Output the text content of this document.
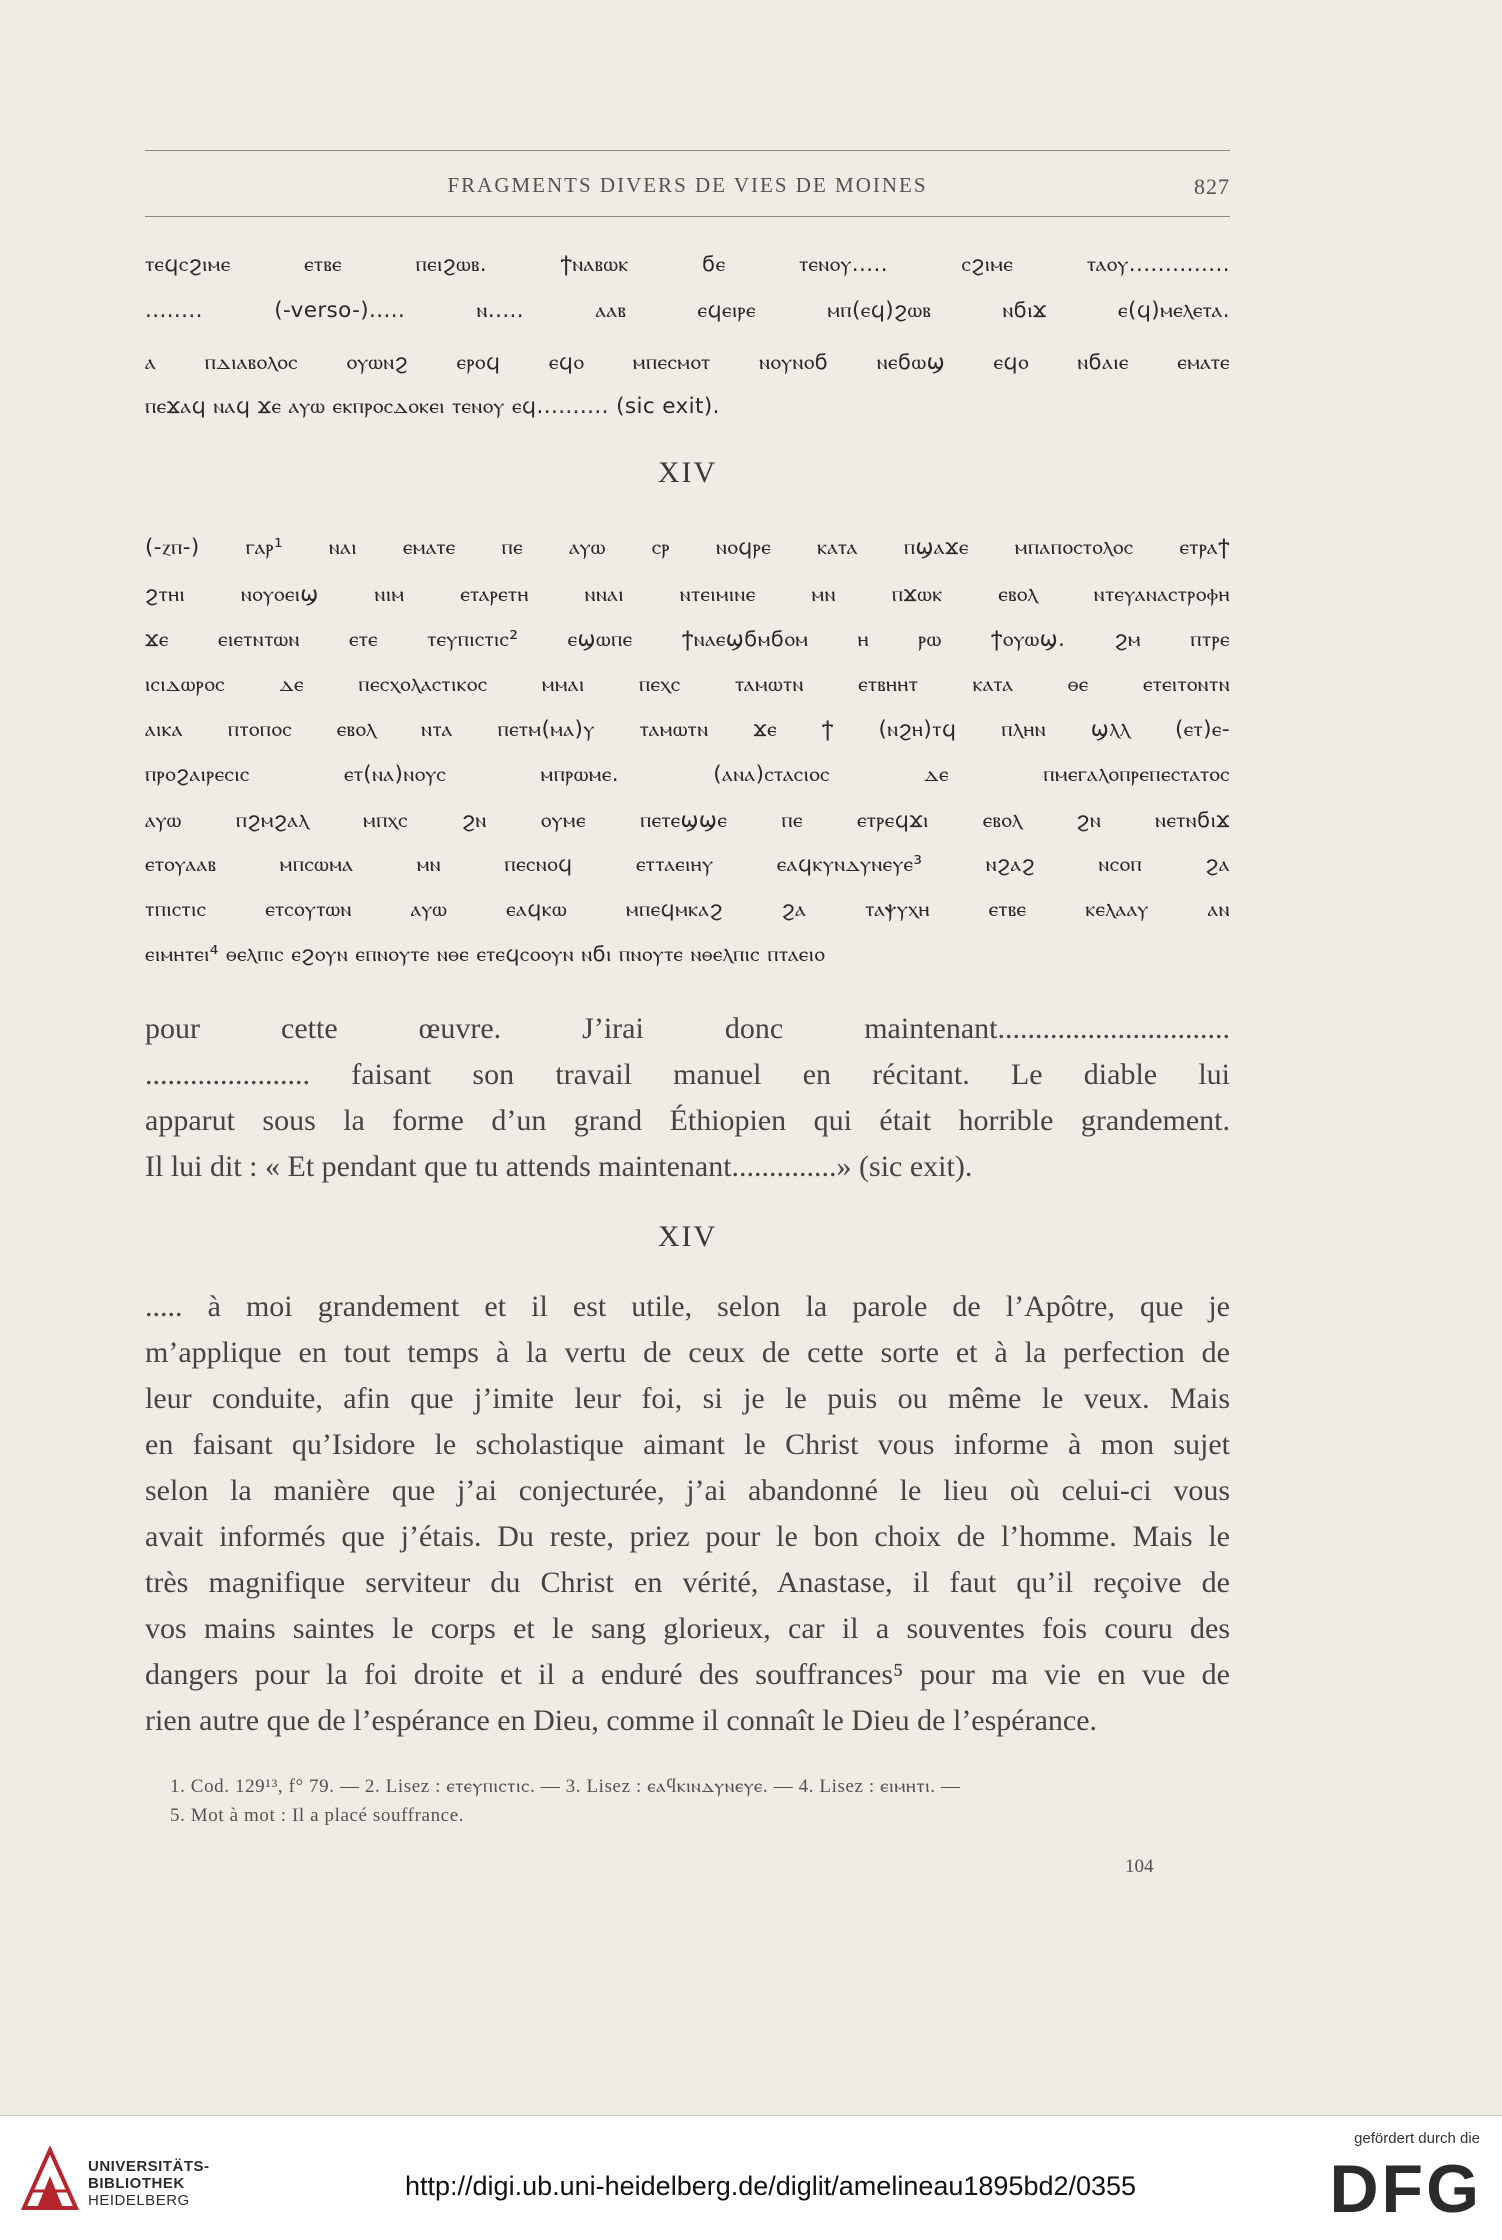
FRAGMENTS DIVERS DE VIES DE MOINES	827
ⲧⲉϥⲥϩⲓⲙⲉ ⲉⲧⲃⲉ ⲡⲉⲓϩⲱⲃ. ϯⲛⲁⲃⲱⲕ ϭⲉ ⲧⲉⲛⲟⲩ..... ⲥϩⲓⲙⲉ ⲧⲁⲟⲩ..............
........ (-verso-)..... ⲛ..... ⲁⲁⲃ ⲉϥⲉⲓⲣⲉ ⲙⲡ(ⲉϥ)ϩⲱⲃ ⲛϭⲓϫ ⲉ(ϥ)ⲙⲉⲗⲉⲧⲁ.
ⲁ ⲡⲇⲓⲁⲃⲟⲗⲟⲥ ⲟⲩⲱⲛϩ ⲉⲣⲟϥ ⲉϥⲟ ⲙⲡⲉⲥⲙⲟⲧ ⲛⲟⲩⲛⲟϭ ⲛⲉϭⲱϣ ⲉϥⲟ ⲛϭⲁⲓⲉ ⲉⲙⲁⲧⲉ
ⲡⲉϫⲁϥ ⲛⲁϥ ϫⲉ ⲁⲩⲱ ⲉⲕⲡⲣⲟⲥⲇⲟⲕⲉⲓ ⲧⲉⲛⲟⲩ ⲉϥ.......... (sic exit).
XIV
(-ⲍⲡ-) ⲅⲁⲣ¹ ⲛⲁⲓ ⲉⲙⲁⲧⲉ ⲡⲉ ⲁⲩⲱ ⲥⲣ ⲛⲟϥⲣⲉ ⲕⲁⲧⲁ ⲡϣⲁϫⲉ ⲙⲡⲁⲡⲟⲥⲧⲟⲗⲟⲥ ⲉⲧⲣⲁϯ
ϩⲧⲏⲓ ⲛⲟⲩⲟⲉⲓϣ ⲛⲓⲙ ⲉⲧⲁⲣⲉⲧⲏ ⲛⲛⲁⲓ ⲛⲧⲉⲓⲙⲓⲛⲉ ⲙⲛ ⲡϫⲱⲕ ⲉⲃⲟⲗ ⲛⲧⲉⲩⲁⲛⲁⲥⲧⲣⲟⲫⲏ
ϫⲉ ⲉⲓⲉⲧⲛⲧⲱⲛ ⲉⲧⲉ ⲧⲉⲩⲡⲓⲥⲧⲓⲥ² ⲉϣⲱⲡⲉ ϯⲛⲁⲉϣϭⲙϭⲟⲙ ⲏ ⲣⲱ ϯⲟⲩⲱϣ. ϩⲙ ⲡⲧⲣⲉ
ⲓⲥⲓⲇⲱⲣⲟⲥ ⲇⲉ ⲡⲉⲥⲭⲟⲗⲁⲥⲧⲓⲕⲟⲥ ⲙⲙⲁⲓ ⲡⲉⲭⲥ ⲧⲁⲙⲱⲧⲛ ⲉⲧⲃⲏⲏⲧ ⲕⲁⲧⲁ ⲑⲉ ⲉⲧⲉⲓⲧⲟⲛⲧⲛ
ⲁⲓⲕⲁ ⲡⲧⲟⲡⲟⲥ ⲉⲃⲟⲗ ⲛⲧⲁ ⲡⲉⲧⲙ(ⲙⲁ)ⲩ ⲧⲁⲙⲱⲧⲛ ϫⲉ ϯ (ⲛϩⲏ)ⲧϥ ⲡⲗⲏⲛ ϣⲗⲗ (ⲉⲧ)ⲉ-
ⲡⲣⲟϩⲁⲓⲣⲉⲥⲓⲥ ⲉⲧ(ⲛⲁ)ⲛⲟⲩⲥ ⲙⲡⲣⲱⲙⲉ. (ⲁⲛⲁ)ⲥⲧⲁⲥⲓⲟⲥ ⲇⲉ ⲡⲙⲉⲅⲁⲗⲟⲡⲣⲉⲡⲉⲥⲧⲁⲧⲟⲥ
ⲁⲩⲱ ⲡϩⲙϩⲁⲗ ⲙⲡⲭⲥ ϩⲛ ⲟⲩⲙⲉ ⲡⲉⲧⲉϣϣⲉ ⲡⲉ ⲉⲧⲣⲉϥϫⲓ ⲉⲃⲟⲗ ϩⲛ ⲛⲉⲧⲛϭⲓϫ
ⲉⲧⲟⲩⲁⲁⲃ ⲙⲡⲥⲱⲙⲁ ⲙⲛ ⲡⲉⲥⲛⲟϥ ⲉⲧⲧⲁⲉⲓⲏⲩ ⲉⲁϥⲕⲩⲛⲇⲩⲛⲉⲩⲉ³ ⲛϩⲁϩ ⲛⲥⲟⲡ ϩⲁ
ⲧⲡⲓⲥⲧⲓⲥ ⲉⲧⲥⲟⲩⲧⲱⲛ ⲁⲩⲱ ⲉⲁϥⲕⲱ ⲙⲡⲉϥⲙⲕⲁϩ ϩⲁ ⲧⲁⲯⲩⲭⲏ ⲉⲧⲃⲉ ⲕⲉⲗⲁⲁⲩ ⲁⲛ
ⲉⲓⲙⲏⲧⲉⲓ⁴ ⲑⲉⲗⲡⲓⲥ ⲉϩⲟⲩⲛ ⲉⲡⲛⲟⲩⲧⲉ ⲛⲑⲉ ⲉⲧⲉϥⲥⲟⲟⲩⲛ ⲛϭⲓ ⲡⲛⲟⲩⲧⲉ ⲛⲑⲉⲗⲡⲓⲥ ⲡⲧⲁⲉⲓⲟ
pour cette œuvre. J’irai donc maintenant...............................
...................... faisant son travail manuel en récitant. Le diable lui
apparut sous la forme d’un grand Éthiopien qui était horrible grandement.
Il lui dit : « Et pendant que tu attends maintenant..............» (sic exit).
XIV
..... à moi grandement et il est utile, selon la parole de l’Apôtre, que je
m’applique en tout temps à la vertu de ceux de cette sorte et à la perfection de
leur conduite, afin que j’imite leur foi, si je le puis ou même le veux. Mais
en faisant qu’Isidore le scholastique aimant le Christ vous informe à mon sujet
selon la manière que j’ai conjecturée, j’ai abandonné le lieu où celui-ci vous
avait informés que j’étais. Du reste, priez pour le bon choix de l’homme. Mais le
très magnifique serviteur du Christ en vérité, Anastase, il faut qu’il reçoive de
vos mains saintes le corps et le sang glorieux, car il a souventes fois couru des
dangers pour la foi droite et il a enduré des souffrances⁵ pour ma vie en vue de
rien autre que de l’espérance en Dieu, comme il connaît le Dieu de l’espérance.
1. Cod. 129¹³, f° 79. — 2. Lisez : ⲉⲧⲉⲩⲡⲓⲥⲧⲓⲥ. — 3. Lisez : ⲉⲁϥⲕⲓⲛⲇⲩⲛⲉⲩⲉ. — 4. Lisez : ⲉⲓⲙⲏⲧⲓ. —
5. Mot à mot : Il a placé souffrance.
104
UNIVERSITÄTS-
BIBLIOTHEK
HEIDELBERG	http://digi.ub.uni-heidelberg.de/diglit/amelineau1895bd2/0355
gefördert durch die
DFG
